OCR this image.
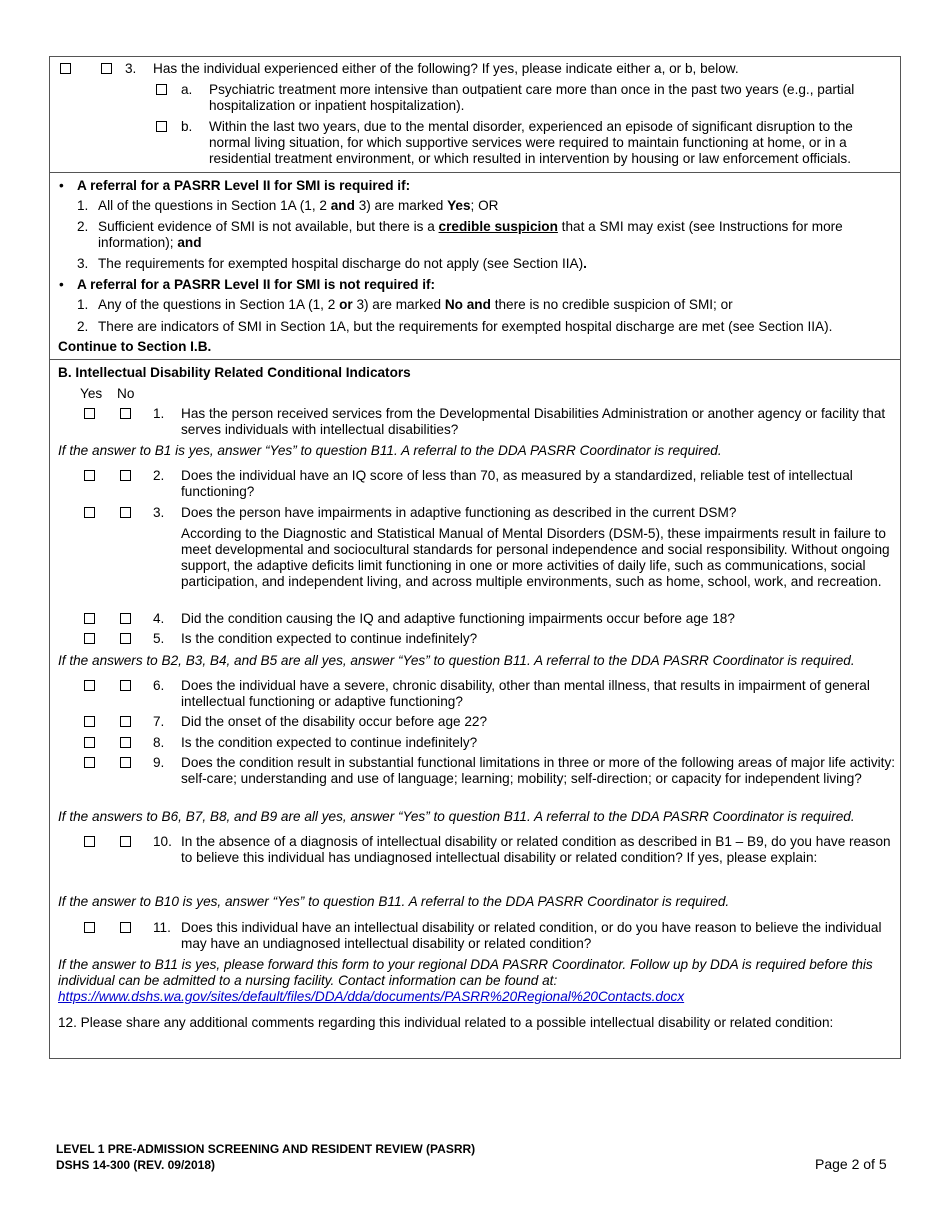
3. Has the individual experienced either of the following? If yes, please indicate either a, or b, below.
a. Psychiatric treatment more intensive than outpatient care more than once in the past two years (e.g., partial hospitalization or inpatient hospitalization).
b. Within the last two years, due to the mental disorder, experienced an episode of significant disruption to the normal living situation, for which supportive services were required to maintain functioning at home, or in a residential treatment environment, or which resulted in intervention by housing or law enforcement officials.
• A referral for a PASRR Level II for SMI is required if:
1. All of the questions in Section 1A (1, 2 and 3) are marked Yes; OR
2. Sufficient evidence of SMI is not available, but there is a credible suspicion that a SMI may exist (see Instructions for more information); and
3. The requirements for exempted hospital discharge do not apply (see Section IIA).
• A referral for a PASRR Level II for SMI is not required if:
1. Any of the questions in Section 1A (1, 2 or 3) are marked No and there is no credible suspicion of SMI; or
2. There are indicators of SMI in Section 1A, but the requirements for exempted hospital discharge are met (see Section IIA).
Continue to Section I.B.
B. Intellectual Disability Related Conditional Indicators
Yes No
1. Has the person received services from the Developmental Disabilities Administration or another agency or facility that serves individuals with intellectual disabilities?
If the answer to B1 is yes, answer “Yes” to question B11. A referral to the DDA PASRR Coordinator is required.
2. Does the individual have an IQ score of less than 70, as measured by a standardized, reliable test of intellectual functioning?
3. Does the person have impairments in adaptive functioning as described in the current DSM?
According to the Diagnostic and Statistical Manual of Mental Disorders (DSM-5), these impairments result in failure to meet developmental and sociocultural standards for personal independence and social responsibility. Without ongoing support, the adaptive deficits limit functioning in one or more activities of daily life, such as communications, social participation, and independent living, and across multiple environments, such as home, school, work, and recreation.
4. Did the condition causing the IQ and adaptive functioning impairments occur before age 18?
5. Is the condition expected to continue indefinitely?
If the answers to B2, B3, B4, and B5 are all yes, answer “Yes” to question B11. A referral to the DDA PASRR Coordinator is required.
6. Does the individual have a severe, chronic disability, other than mental illness, that results in impairment of general intellectual functioning or adaptive functioning?
7. Did the onset of the disability occur before age 22?
8. Is the condition expected to continue indefinitely?
9. Does the condition result in substantial functional limitations in three or more of the following areas of major life activity: self-care; understanding and use of language; learning; mobility; self-direction; or capacity for independent living?
If the answers to B6, B7, B8, and B9 are all yes, answer “Yes” to question B11. A referral to the DDA PASRR Coordinator is required.
10. In the absence of a diagnosis of intellectual disability or related condition as described in B1 – B9, do you have reason to believe this individual has undiagnosed intellectual disability or related condition? If yes, please explain:
If the answer to B10 is yes, answer “Yes” to question B11. A referral to the DDA PASRR Coordinator is required.
11. Does this individual have an intellectual disability or related condition, or do you have reason to believe the individual may have an undiagnosed intellectual disability or related condition?
If the answer to B11 is yes, please forward this form to your regional DDA PASRR Coordinator. Follow up by DDA is required before this individual can be admitted to a nursing facility. Contact information can be found at:
https://www.dshs.wa.gov/sites/default/files/DDA/dda/documents/PASRR%20Regional%20Contacts.docx
12. Please share any additional comments regarding this individual related to a possible intellectual disability or related condition:
LEVEL 1 PRE-ADMISSION SCREENING AND RESIDENT REVIEW (PASRR)
DSHS 14-300 (REV. 09/2018)	Page 2 of 5
